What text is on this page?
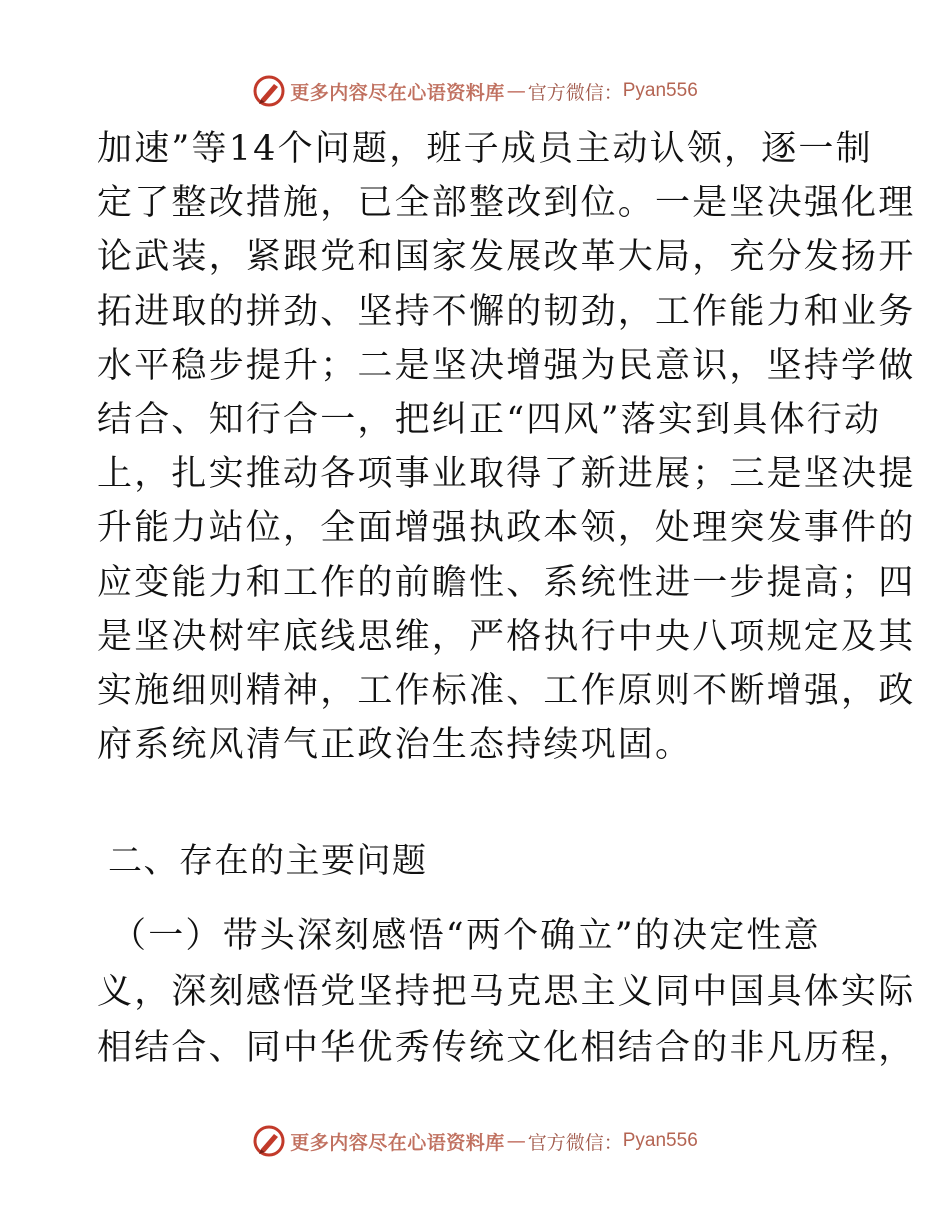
更多内容尽在心语资料库 — 官方微信： Pyan556
加速”等14个问题，班子成员主动认领，逐一制
定了整改措施，已全部整改到位。一是坚决强化理
论武装，紧跟党和国家发展改革大局，充分发扬开
拓进取的拼劲、坚持不懈的韧劲，工作能力和业务
水平稳步提升；二是坚决增强为民意识，坚持学做
结合、知行合一，把纠正“四风”落实到具体行动
上，扎实推动各项事业取得了新进展；三是坚决提
升能力站位，全面增强执政本领，处理突发事件的
应变能力和工作的前瞻性、系统性进一步提高；四
是坚决树牢底线思维，严格执行中央八项规定及其
实施细则精神，工作标准、工作原则不断增强，政
府系统风清气正政治生态持续巩固。
二、存在的主要问题
（一）带头深刻感悟“两个确立”的决定性意
义，深刻感悟党坚持把马克思主义同中国具体实际
相结合、同中华优秀传统文化相结合的非凡历程，
更多内容尽在心语资料库 — 官方微信： Pyan556
